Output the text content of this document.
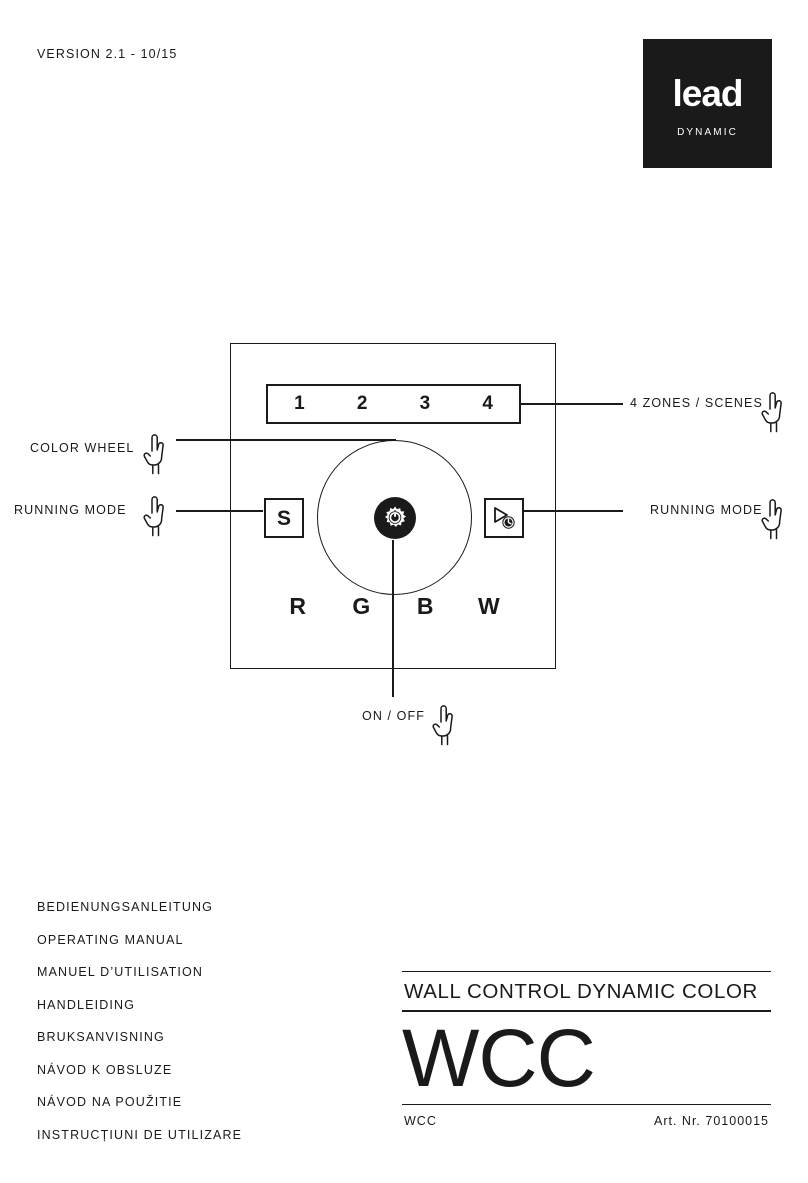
VERSION 2.1 - 10/15
lead
DYNAMIC
1	2	3	4
S
R	G	B	W
4 ZONES / SCENES
COLOR WHEEL
RUNNING MODE	RUNNING MODE
ON / OFF
BEDIENUNGSANLEITUNG
OPERATING MANUAL
MANUEL D’UTILISATION
HANDLEIDING
BRUKSANVISNING
NÁVOD K OBSLUZE
NÁVOD NA POUŽITIE
INSTRUCȚIUNI DE UTILIZARE
WALL CONTROL DYNAMIC COLOR
WCC
WCC	Art. Nr. 70100015
